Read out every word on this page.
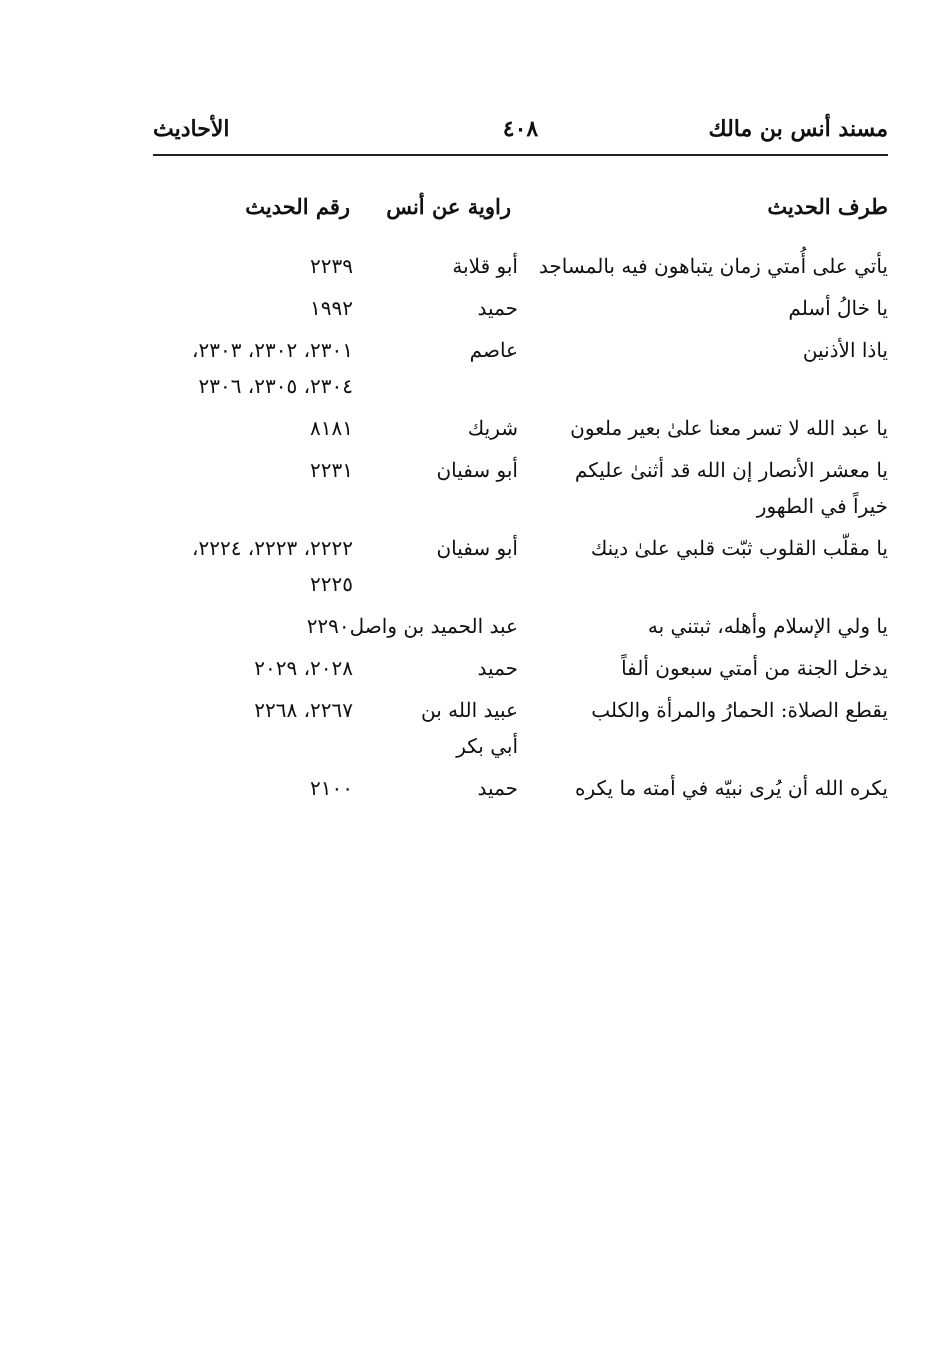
مسند أنس بن مالك
٤٠٨
الأحاديث
طرف الحديث
راوية عن أنس
رقم الحديث
يأتي على أُمتي زمان يتباهون فيه بالمساجد
أبو قلابة
٢٢٣٩
يا خالُ أسلم
حميد
١٩٩٢
ياذا الأذنين
عاصم
٢٣٠١، ٢٣٠٢، ٢٣٠٣،
٢٣٠٤، ٢٣٠٥، ٢٣٠٦
يا عبد الله لا تسر معنا علىٰ بعير ملعون
شريك
٨١٨١
يا معشر الأنصار إن الله قد أثنىٰ عليكم
خيراً في الطهور
أبو سفيان
٢٢٣١
يا مقلّب القلوب ثبّت قلبي علىٰ دينك
أبو سفيان
٢٢٢٢، ٢٢٢٣، ٢٢٢٤،
٢٢٢٥
يا ولي الإسلام وأهله، ثبتني به
عبد الحميد بن واصل٢٢٩٠
يدخل الجنة من أمتي سبعون ألفاً
حميد
٢٠٢٨، ٢٠٢٩
يقطع الصلاة: الحمارُ والمرأة والكلب
عبيد الله بن
أبي بكر
٢٢٦٧، ٢٢٦٨
يكره الله أن يُرى نبيّه في أمته ما يكره
حميد
٢١٠٠
